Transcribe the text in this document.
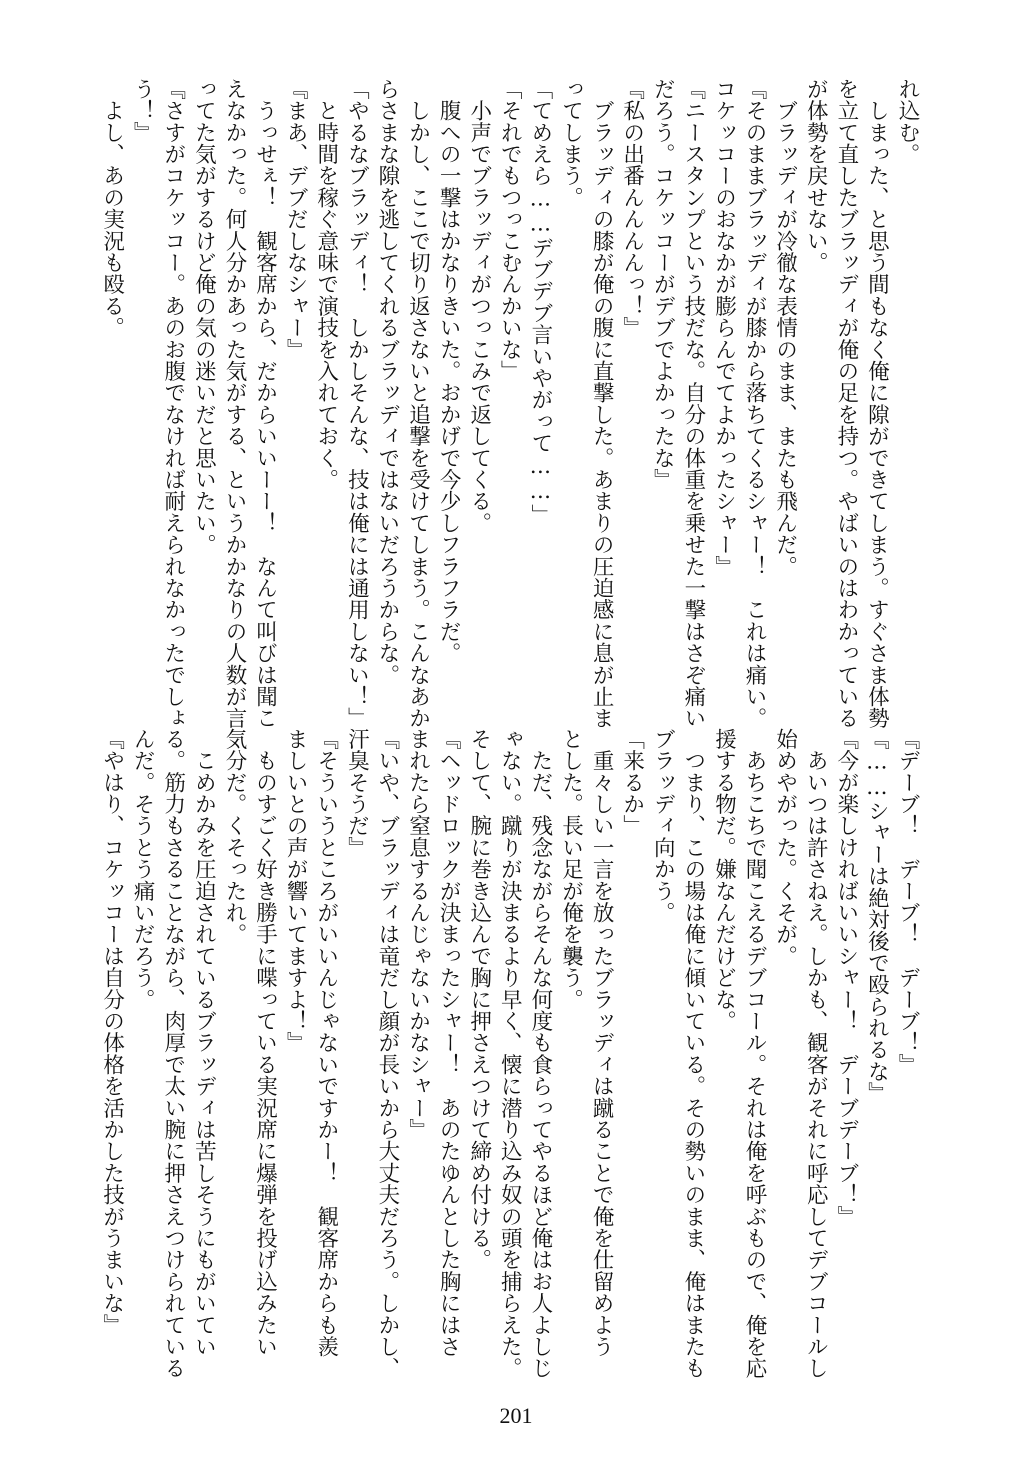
れ込む。
　しまった、と思う間もなく俺に隙ができてしまう。すぐさま体勢
を立て直したブラッディが俺の足を持つ。やばいのはわかっている
が体勢を戻せない。
　ブラッディが冷徹な表情のまま、またも飛んだ。
『そのままブラッディが膝から落ちてくるシャー！　これは痛い。
コケッコーのおなかが膨らんでてよかったシャー』
『ニースタンプという技だな。自分の体重を乗せた一撃はさぞ痛い
だろう。コケッコーがデブでよかったな』
『私の出番んんんんっ！』
　ブラッディの膝が俺の腹に直撃した。あまりの圧迫感に息が止ま
ってしまう。
「てめえら……デブデブ言いやがって……」
「それでもつっこむんかいな」
　小声でブラッディがつっこみで返してくる。
　腹への一撃はかなりきいた。おかげで今少しフラフラだ。
　しかし、ここで切り返さないと追撃を受けてしまう。こんなあか
らさまな隙を逃してくれるブラッディではないだろうからな。
「やるなブラッディ！　しかしそんな、技は俺には通用しない！」
　と時間を稼ぐ意味で演技を入れておく。
『まあ、デブだしなシャー』
　うっせぇ！　観客席から、だからいいーー！　なんて叫びは聞こ
えなかった。何人分かあった気がする、というかかなりの人数が言
ってた気がするけど俺の気の迷いだと思いたい。
『さすがコケッコー。あのお腹でなければ耐えられなかったでしょ
う！』
　よし、あの実況も殴る。
『デーブ！　デーブ！　デーブ！』
『……シャーは絶対後で殴られるな』
『今が楽しければいいシャー！　デーブデーブ！』
　あいつは許さねえ。しかも、観客がそれに呼応してデブコールし
始めやがった。くそが。
　あちこちで聞こえるデブコール。それは俺を呼ぶもので、俺を応
援する物だ。嫌なんだけどな。
　つまり、この場は俺に傾いている。その勢いのまま、俺はまたも
ブラッディ向かう。
「来るか」
　重々しい一言を放ったブラッディは蹴ることで俺を仕留めよう
とした。長い足が俺を襲う。
　ただ、残念ながらそんな何度も食らってやるほど俺はお人よしじ
ゃない。蹴りが決まるより早く、懐に潜り込み奴の頭を捕らえた。
そして、腕に巻き込んで胸に押さえつけて締め付ける。
『ヘッドロックが決まったシャー！　あのたゆんとした胸にはさ
まれたら窒息するんじゃないかなシャー』
『いや、ブラッディは竜だし顔が長いから大丈夫だろう。しかし、
汗臭そうだ』
『そういうところがいいんじゃないですかー！　観客席からも羨
ましいとの声が響いてますよ！』
　ものすごく好き勝手に喋っている実況席に爆弾を投げ込みたい
気分だ。くそったれ。
　こめかみを圧迫されているブラッディは苦しそうにもがいてい
る。筋力もさることながら、肉厚で太い腕に押さえつけられている
んだ。そうとう痛いだろう。
『やはり、コケッコーは自分の体格を活かした技がうまいな』
201
